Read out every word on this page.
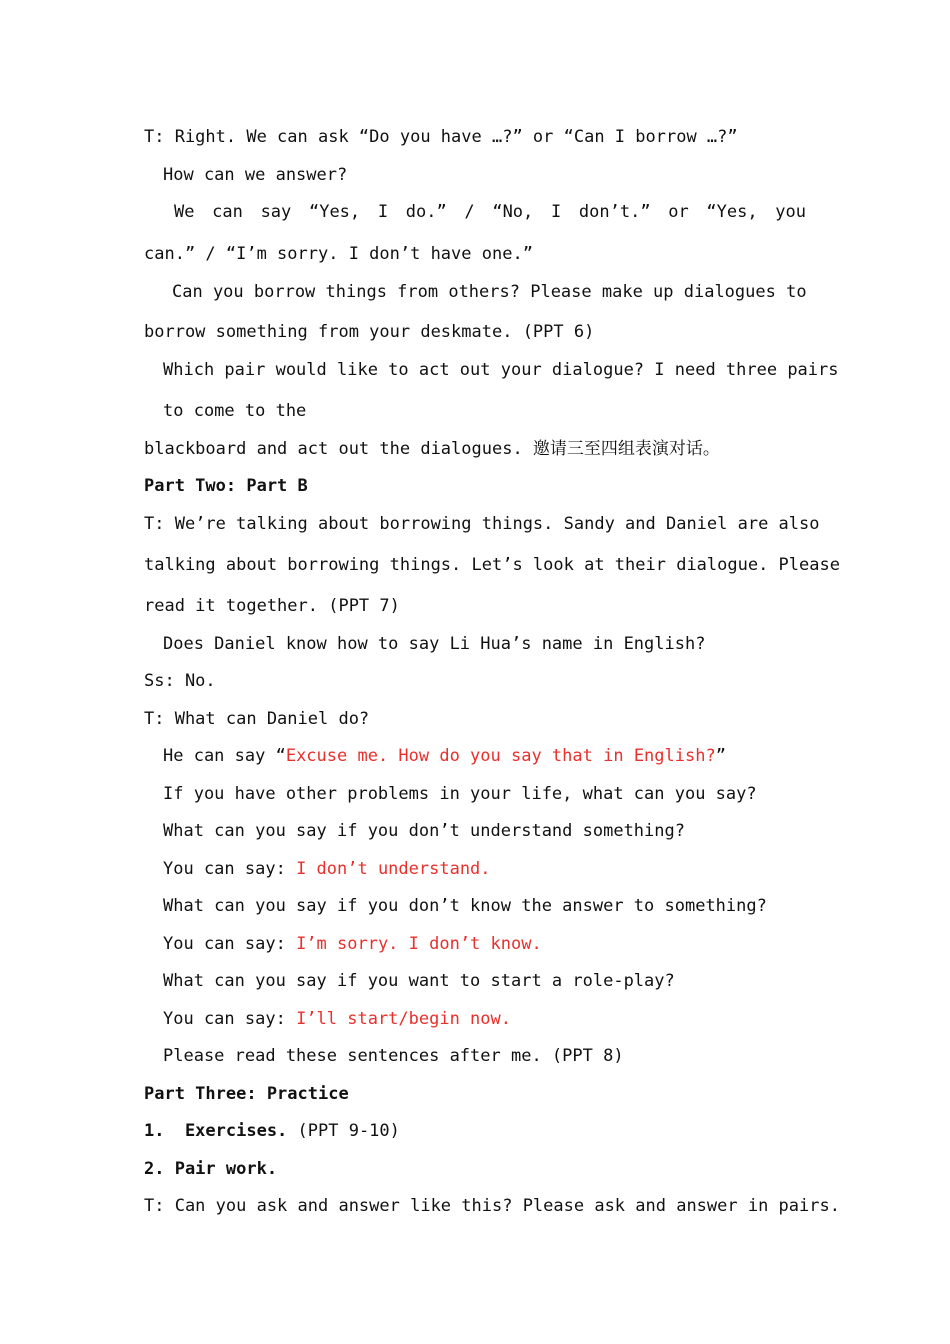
T: Right. We can ask “Do you have …?” or “Can I borrow …?”
How can we answer?
We can say “Yes, I do.” / “No, I don’t.” or “Yes, you
can.” / “I’m sorry. I don’t have one.”
Can you borrow things from others? Please make up dialogues to
borrow something from your deskmate. (PPT 6)
Which pair would like to act out your dialogue? I need three pairs
to come to the
blackboard and act out the dialogues. 邀请三至四组表演对话。
Part Two: Part B
T: We’re talking about borrowing things. Sandy and Daniel are also
talking about borrowing things. Let’s look at their dialogue. Please
read it together. (PPT 7)
Does Daniel know how to say Li Hua’s name in English?
Ss: No.
T: What can Daniel do?
He can say “Excuse me. How do you say that in English?”
If you have other problems in your life, what can you say?
What can you say if you don’t understand something?
You can say: I don’t understand.
What can you say if you don’t know the answer to something?
You can say: I’m sorry. I don’t know.
What can you say if you want to start a role-play?
You can say: I’ll start/begin now.
Please read these sentences after me. (PPT 8)
Part Three: Practice
1.  Exercises. (PPT 9-10)
2. Pair work.
T: Can you ask and answer like this? Please ask and answer in pairs.
